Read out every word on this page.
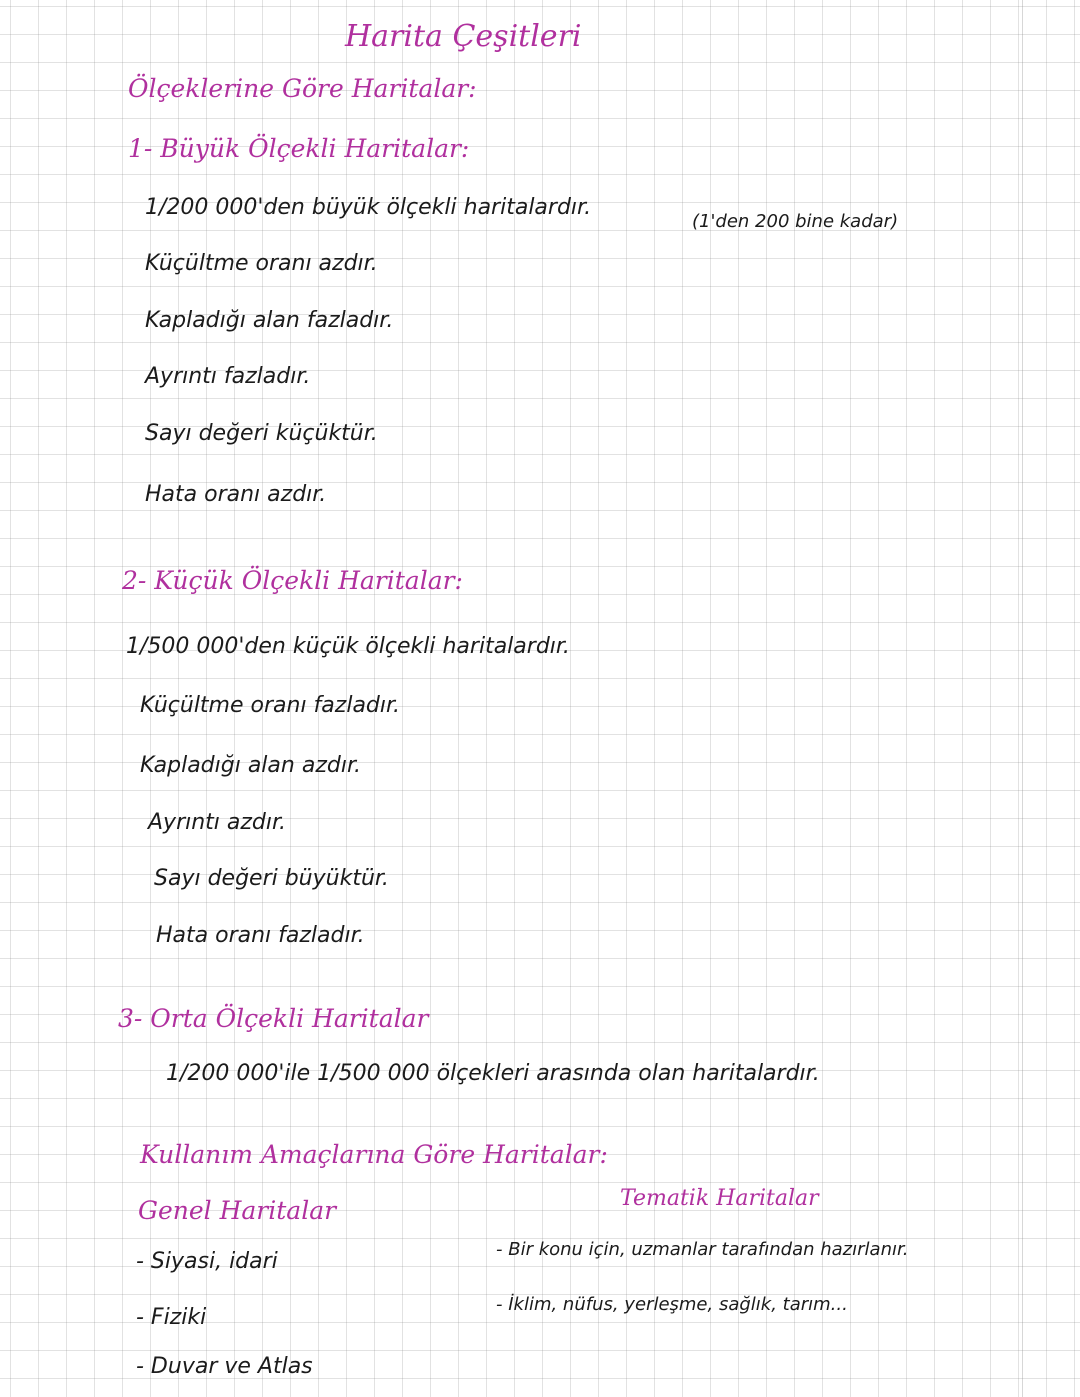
Harita Çeşitleri
Ölçeklerine Göre Haritalar:
1- Büyük Ölçekli Haritalar:
1/200 000'den büyük ölçekli haritalardır.
(1'den 200 bine kadar)
Küçültme oranı azdır.
Kapladığı alan fazladır.
Ayrıntı fazladır.
Sayı değeri küçüktür.
Hata oranı azdır.
2- Küçük Ölçekli Haritalar:
1/500 000'den küçük ölçekli haritalardır.
Küçültme oranı fazladır.
Kapladığı alan azdır.
Ayrıntı azdır.
Sayı değeri büyüktür.
Hata oranı fazladır.
3- Orta Ölçekli Haritalar
1/200 000'ile 1/500 000 ölçekleri arasında olan haritalardır.
Kullanım Amaçlarına Göre Haritalar:
Genel Haritalar
- Siyasi, idari
- Fiziki
- Duvar ve Atlas
Tematik Haritalar
- Bir konu için, uzmanlar tarafından hazırlanır.
- İklim, nüfus, yerleşme, sağlık, tarım...
